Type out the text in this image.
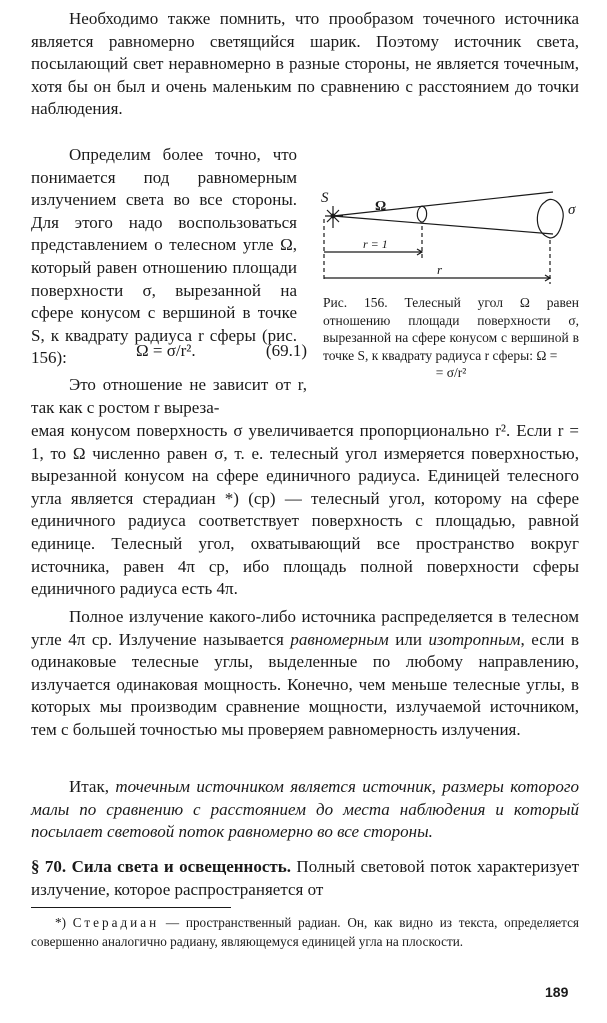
Необходимо также помнить, что прообразом точечного источника является равномерно светящийся шарик. Поэтому источник света, посылающий свет неравномерно в разные стороны, не является точечным, хотя бы он был и очень маленьким по сравнению с расстоянием до точки наблюдения.

Определим более точно, что понимается под равномерным излучением света во все стороны. Для этого надо воспользоваться представлением о телесном угле Ω, который равен отношению площади поверхности σ, вырезанной на сфере конусом с вершиной в точке S, к квадрату радиуса r сферы (рис. 156):	Ω = σ/r².	(69.1)

Это отношение не зависит от r, так как с ростом r выреза-

емая конусом поверхность σ увеличивается пропорционально r². Если r = 1, то Ω численно равен σ, т. е. телесный угол измеряется поверхностью, вырезанной конусом на сфере единичного радиуса. Единицей телесного угла является стерадиан *) (ср) — телесный угол, которому на сфере единичного радиуса соответствует поверхность с площадью, равной единице. Телесный угол, охватывающий все пространство вокруг источника, равен 4π ср, ибо площадь полной поверхности сферы единичного радиуса есть 4π.

Полное излучение какого-либо источника распределяется в телесном угле 4π ср. Излучение называется равномерным или изотропным, если в одинаковые телесные углы, выделенные по любому направлению, излучается одинаковая мощность. Конечно, чем меньше телесные углы, в которых мы производим сравнение мощности, излучаемой источником, тем с большей точностью мы проверяем равномерность излучения.

Итак, точечным источником является источник, размеры которого малы по сравнению с расстоянием до места наблюдения и который посылает световой поток равномерно во все стороны.

§ 70. Сила света и освещенность. Полный световой поток характеризует излучение, которое распространяется от

S
Ω	σ
r = 1
r
Рис. 156. Телесный угол Ω равен отношению площади поверхности σ, вырезанной на сфере конусом с вершиной в точке S, к квадрату радиуса r сферы: Ω =
= σ/r²

*) Стерадиан — пространственный радиан. Он, как видно из текста, определяется совершенно аналогично радиану, являющемуся единицей угла на плоскости.

189
